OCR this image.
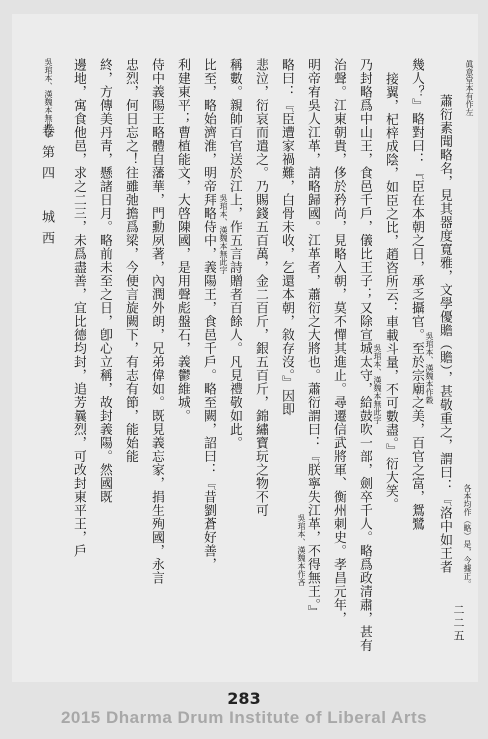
眞意堂本有作左
蕭衍素聞略名，見其器度寬雅，文學優贍（贍），甚敬重之，謂曰：『洛中如王者
幾人？』略對曰：『臣在本朝之日，承乏攝官。至於宗廟之美，百官之富，鴛鷺
接翼，杞梓成陰，如臣之比，趙咨所云：車載斗量，不可數盡。』衍大笑。
乃封略爲中山王，食邑千戶，儀比王子；又除宣城太守，給鼓吹一部，劍卒千人。略爲政清肅，甚有
治聲。江東朝貴，侈於矜尚，見略入朝，莫不憚其進止。尋遷信武將軍、衡州刺史。孝昌元年，
明帝宥吳人江革，請略歸國。江革者，蕭衍之大將也。蕭衍謂曰：『朕寧失江革，不得無王。』
略曰：『臣遭家禍難，白骨未收，乞還本朝，敘存沒。』因即
悲泣，衍哀而遣之。乃賜錢五百萬，金二百斤，銀五百斤，錦繡寶玩之物不可
稱數。親帥百官送於江上，作五言詩贈者百餘人。凡見禮敬如此。
比至，略始濟淮，明帝拜略侍中，義陽王，食邑千戶。略至闕，詔曰：『昔劉蒼好善，
利建東平；曹植能文，大啓陳國，是用聲彪盤石，義鬱維城。
侍中義陽王略體自藩華，門勳夙著，內潤外朗，兄弟偉如。既見義忘家，捐生殉國，永言
忠烈，何日忘之！往雖弛擔爲梁，今便言旋闕下，有志有節，能始能
終，方傳美丹青，懸諸日月。略前未至之日，卽心立稱，故封義陽。然國既
邊地，寓食他邑，求之二三，未爲盡善，宜比德均封，追芳曩烈，可改封東平王，戶	各本均作（略）是，今據正。
吳琯本、漢魏本作穀
吳琯本、漢魏本無此字
吳琯本、漢魏本作吝
吳琯本、漢魏本無此字
吳琯本、漢魏本無此字
卷第四 城西
二二五
283
2015 Dharma Drum Institute of Liberal Arts
